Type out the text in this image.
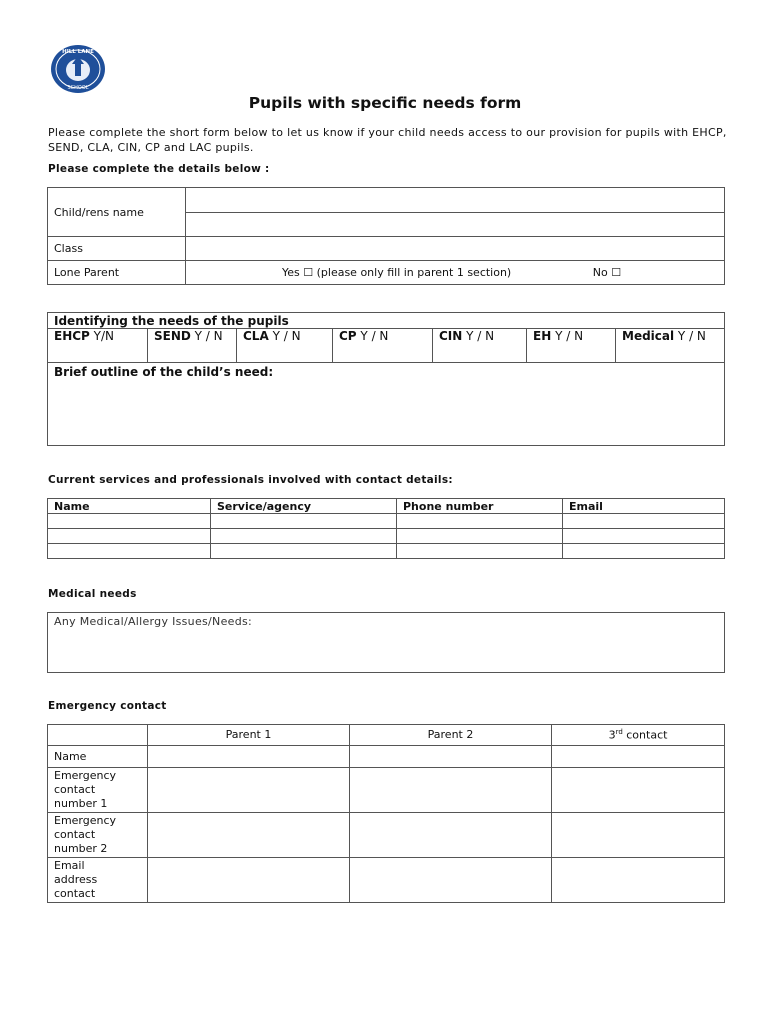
HILL LANE
SCHOOL
Pupils with specific needs form
Please complete the short form below to let us know if your child needs access to our provision for pupils with EHCP, SEND, CLA, CIN, CP and LAC pupils.
Please complete the details below :
Child/rens name	

Class	
Lone Parent	Yes ☐ (please only fill in parent 1 section) No ☐
Identifying the needs of the pupils
EHCP Y/N	SEND Y / N	CLA Y / N	CP Y / N	CIN Y / N	EH Y / N	Medical Y / N
Brief outline of the child’s need:
Current services and professionals involved with contact details:
Name	Service/agency	Phone number	Email

Medical needs
Any Medical/Allergy Issues/Needs:
Emergency contact
	Parent 1	Parent 2	3rd contact
Name			
Emergency contact number 1			
Emergency contact number 2			
Email address contact			
